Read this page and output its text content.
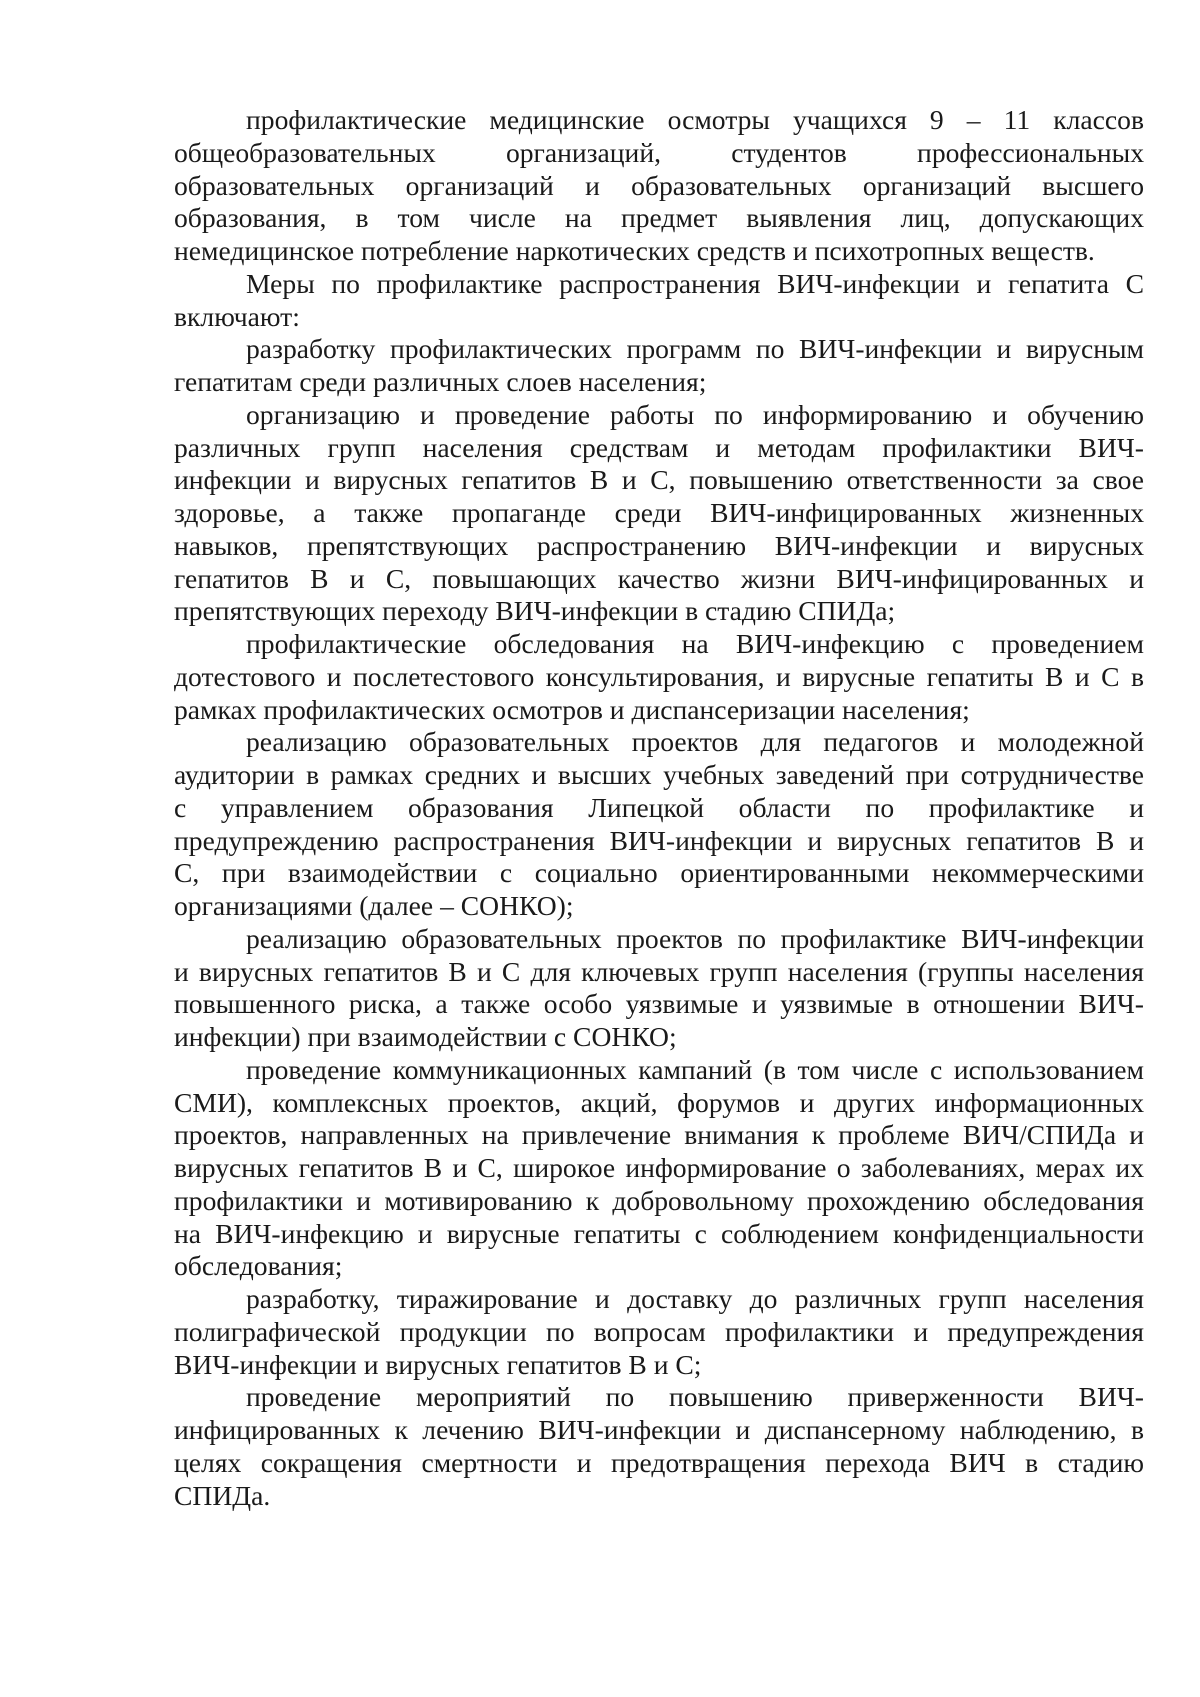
профилактические медицинские осмотры учащихся 9 – 11 классов
общеобразовательных организаций, студентов профессиональных
образовательных организаций и образовательных организаций высшего
образования, в том числе на предмет выявления лиц, допускающих
немедицинское потребление наркотических средств и психотропных веществ.
Меры по профилактике распространения ВИЧ-инфекции и гепатита С
включают:
разработку профилактических программ по ВИЧ-инфекции и вирусным
гепатитам среди различных слоев населения;
организацию и проведение работы по информированию и обучению
различных групп населения средствам и методам профилактики ВИЧ-
инфекции и вирусных гепатитов В и С, повышению ответственности за свое
здоровье, а также пропаганде среди ВИЧ-инфицированных жизненных
навыков, препятствующих распространению ВИЧ-инфекции и вирусных
гепатитов В и С, повышающих качество жизни ВИЧ-инфицированных и
препятствующих переходу ВИЧ-инфекции в стадию СПИДа;
профилактические обследования на ВИЧ-инфекцию с проведением
дотестового и послетестового консультирования, и вирусные гепатиты В и С в
рамках профилактических осмотров и диспансеризации населения;
реализацию образовательных проектов для педагогов и молодежной
аудитории в рамках средних и высших учебных заведений при сотрудничестве
с управлением образования Липецкой области по профилактике и
предупреждению распространения ВИЧ-инфекции и вирусных гепатитов В и
С, при взаимодействии с социально ориентированными некоммерческими
организациями (далее – СОНКО);
реализацию образовательных проектов по профилактике ВИЧ-инфекции
и вирусных гепатитов В и С для ключевых групп населения (группы населения
повышенного риска, а также особо уязвимые и уязвимые в отношении ВИЧ-
инфекции) при взаимодействии с СОНКО;
проведение коммуникационных кампаний (в том числе с использованием
СМИ), комплексных проектов, акций, форумов и других информационных
проектов, направленных на привлечение внимания к проблеме ВИЧ/СПИДа и
вирусных гепатитов В и С, широкое информирование о заболеваниях, мерах их
профилактики и мотивированию к добровольному прохождению обследования
на ВИЧ-инфекцию и вирусные гепатиты с соблюдением конфиденциальности
обследования;
разработку, тиражирование и доставку до различных групп населения
полиграфической продукции по вопросам профилактики и предупреждения
ВИЧ-инфекции и вирусных гепатитов В и С;
проведение мероприятий по повышению приверженности ВИЧ-
инфицированных к лечению ВИЧ-инфекции и диспансерному наблюдению, в
целях сокращения смертности и предотвращения перехода ВИЧ в стадию
СПИДа.
